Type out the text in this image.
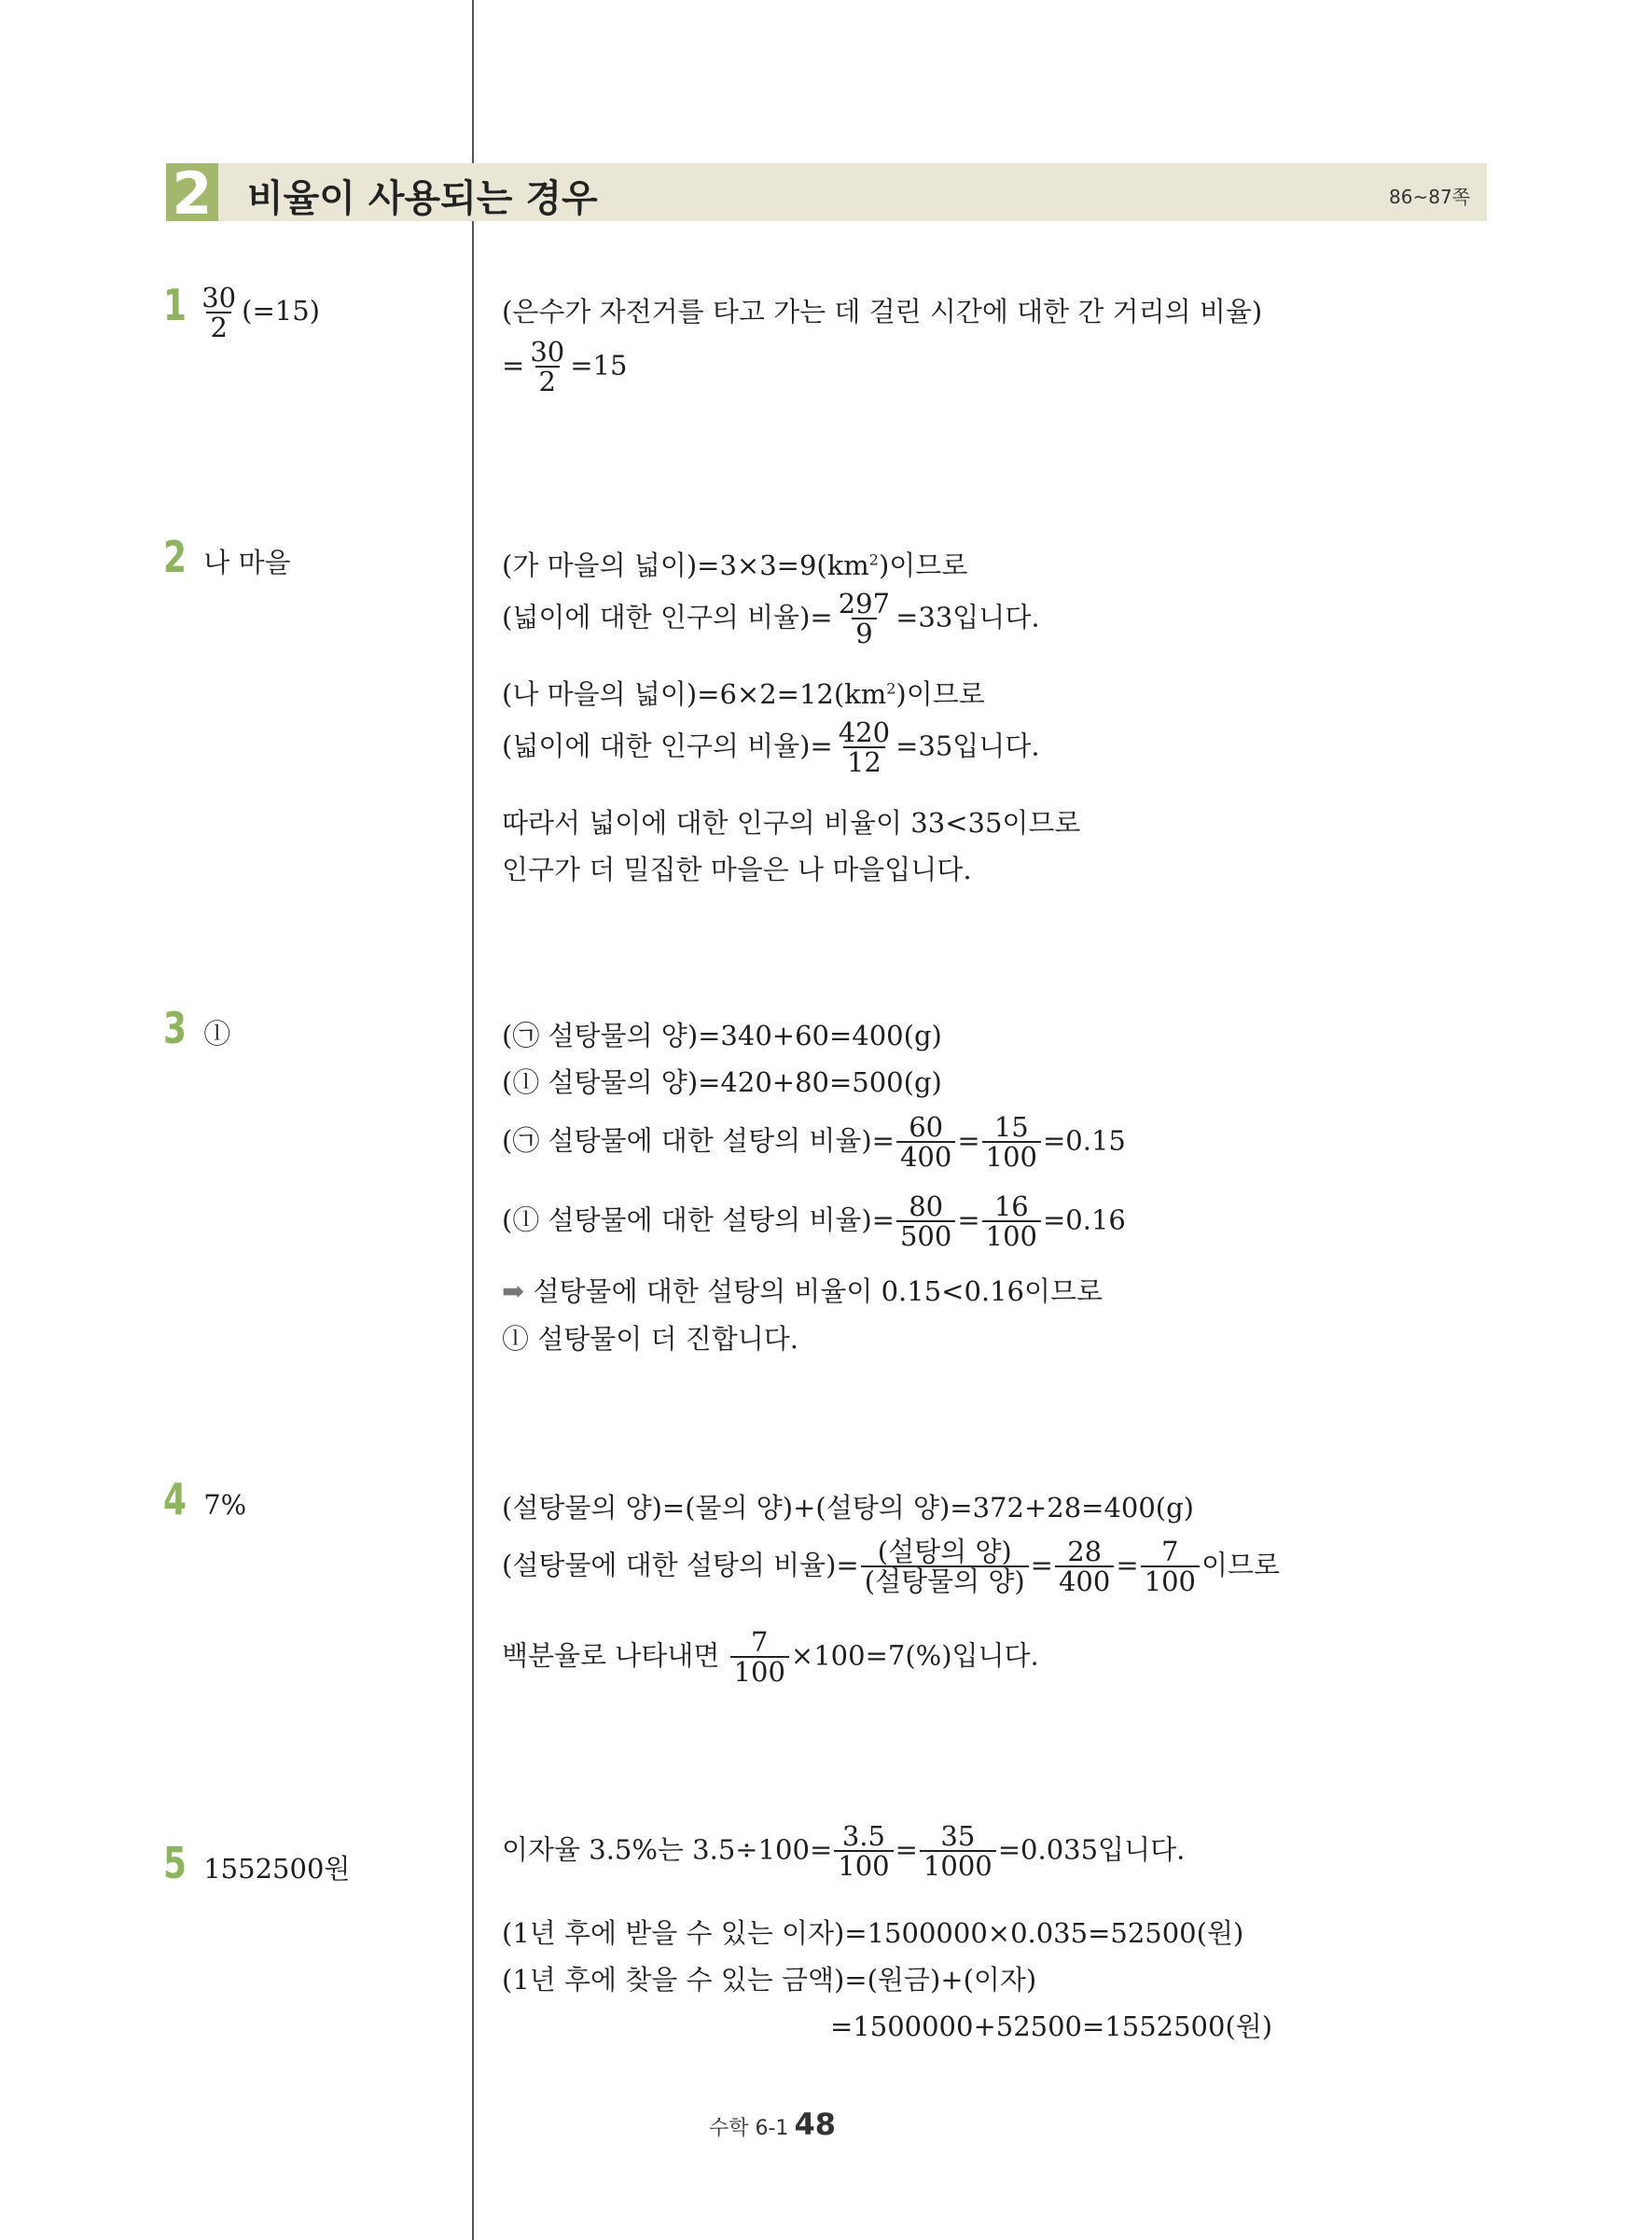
2 비율이 사용되는 경우	86~87쪽
$1 \frac{30}{2} (=15)$	(은수가 자전거를 타고 가는 데 걸린 시간에 대한 간 거리의 비율)
= $\frac{30}{2} =15$
2 나 마을	(가 마을의 넓이)$=3\times 3=9(km^2)$이므로
(넓이에 대한 인구의 비율)= $\frac{297}{9} =33$입니다.
(나 마을의 넓이)$=6\times 2=12(km^2)$이므로
(넓이에 대한 인구의 비율)= $\frac{420}{12} =35$입니다.
따라서 넓이에 대한 인구의 비율이 33<35이므로
인구가 더 밀집한 마을은 나 마을입니다.
3 ⓛ	(㉠ 설탕물의 양)=340+60=400(g)
(ⓛ 설탕물의 양)=420+80=500(g)
(㉠ 설탕물에 대한 설탕의 비율)= $\frac{60}{400} = \frac{15}{100} =0.15$
(ⓛ 설탕물에 대한 설탕의 비율)= $\frac{80}{500} = \frac{16}{100} =0.16$
➡ 설탕물에 대한 설탕의 비율이 0.15<0.16이므로
ⓛ 설탕물이 더 진합니다.
4 7%	(설탕물의 양)=(물의 양)+(설탕의 양)=372+28=400(g)
(설탕물에 대한 설탕의 비율)= $\frac{\text{(설탕의 양)}}{\text{(설탕물의 양)}} = \frac{28}{400} = \frac{7}{100}$ 이므로
백분율로 나타내면 $\frac{7}{100} \times 100=7(\%)$입니다.
5 1552500원
이자율 3.5%는 $3.5\div 100= \frac{3.5}{100} = \frac{35}{1000} =0.035$입니다.
(1년 후에 받을 수 있는 이자)=1500000×0.035=52500(원)
(1년 후에 찾을 수 있는 금액)=(원금)+(이자)
=1500000+52500=1552500(원)
수학 6-1 48
